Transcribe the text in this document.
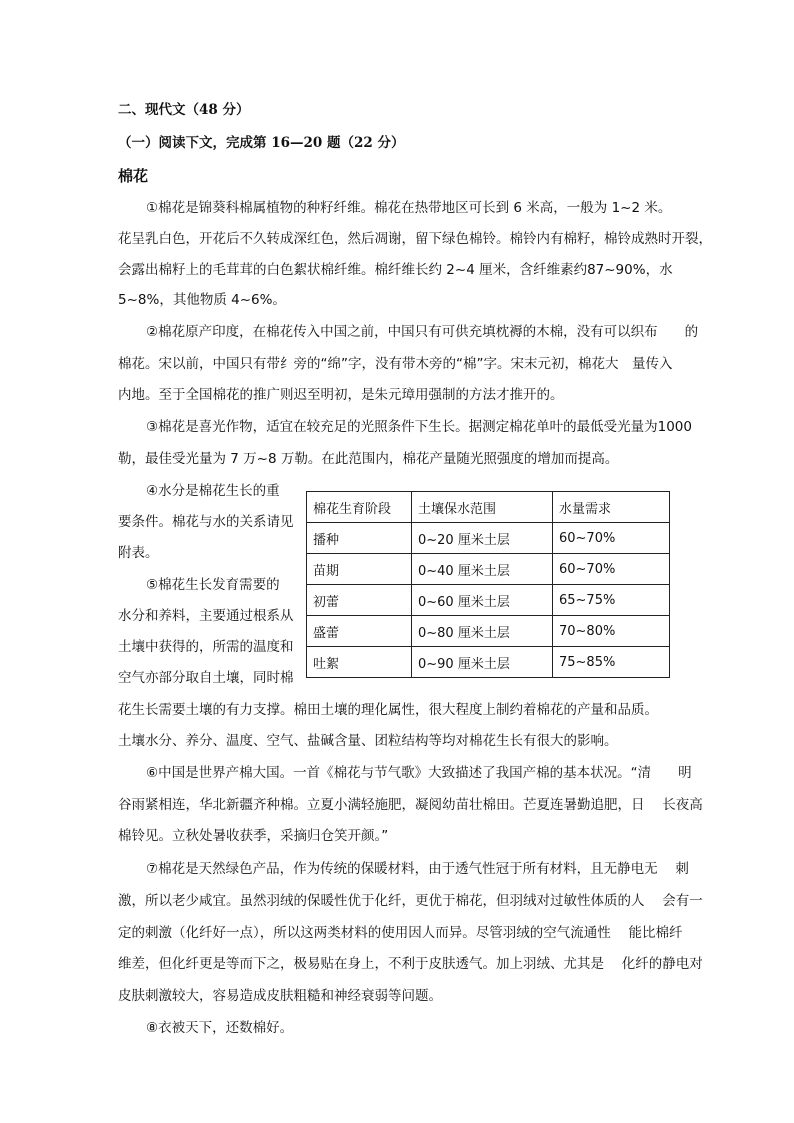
二、现代文（48 分）
（一）阅读下文，完成第 16—20 题（22 分）
棉花
①棉花是锦葵科棉属植物的种籽纤维。棉花在热带地区可长到 6 米高，一般为 1~2 米。
花呈乳白色，开花后不久转成深红色，然后凋谢，留下绿色棉铃。棉铃内有棉籽，棉铃成熟时开裂，
会露出棉籽上的毛茸茸的白色絮状棉纤维。棉纤维长约 2~4 厘米，含纤维素约87~90%，水
5~8%，其他物质 4~6%。
②棉花原产印度，在棉花传入中国之前，中国只有可供充填枕褥的木棉，没有可以织布　　的
棉花。宋以前，中国只有带纟旁的“绵”字，没有带木旁的“棉”字。宋末元初，棉花大　量传入
内地。至于全国棉花的推广则迟至明初，是朱元璋用强制的方法才推开的。
③棉花是喜光作物，适宜在较充足的光照条件下生长。据测定棉花单叶的最低受光量为1000
勒，最佳受光量为 7 万~8 万勒。在此范围内，棉花产量随光照强度的增加而提高。
④水分是棉花生长的重
要条件。棉花与水的关系请见
附表。
⑤棉花生长发育需要的
水分和养料，主要通过根系从
土壤中获得的，所需的温度和
空气亦部分取自土壤，同时棉
棉花生育阶段	土壤保水范围	水量需求
播种	0~20 厘米土层	60~70%
苗期	0~40 厘米土层	60~70%
初蕾	0~60 厘米土层	65~75%
盛蕾	0~80 厘米土层	70~80%
吐絮	0~90 厘米土层	75~85%
花生长需要土壤的有力支撑。棉田土壤的理化属性，很大程度上制约着棉花的产量和品质。
土壤水分、养分、温度、空气、盐碱含量、团粒结构等均对棉花生长有很大的影响。
⑥中国是世界产棉大国。一首《棉花与节气歌》大致描述了我国产棉的基本状况。“清　　明
谷雨紧相连，华北新疆齐种棉。立夏小满轻施肥，凝阅幼苗壮棉田。芒夏连暑勤追肥，日　 长夜高
棉铃见。立秋处暑收获季，采摘归仓笑开颜。”
⑦棉花是天然绿色产品，作为传统的保暖材料，由于透气性冠于所有材料，且无静电无　 刺
激，所以老少咸宜。虽然羽绒的保暖性优于化纤，更优于棉花，但羽绒对过敏性体质的人　 会有一
定的刺激（化纤好一点），所以这两类材料的使用因人而异。尽管羽绒的空气流通性　 能比棉纤
维差，但化纤更是等而下之，极易贴在身上，不利于皮肤透气。加上羽绒、尤其是　 化纤的静电对
皮肤刺激较大，容易造成皮肤粗糙和神经衰弱等问题。
⑧衣被天下，还数棉好。
